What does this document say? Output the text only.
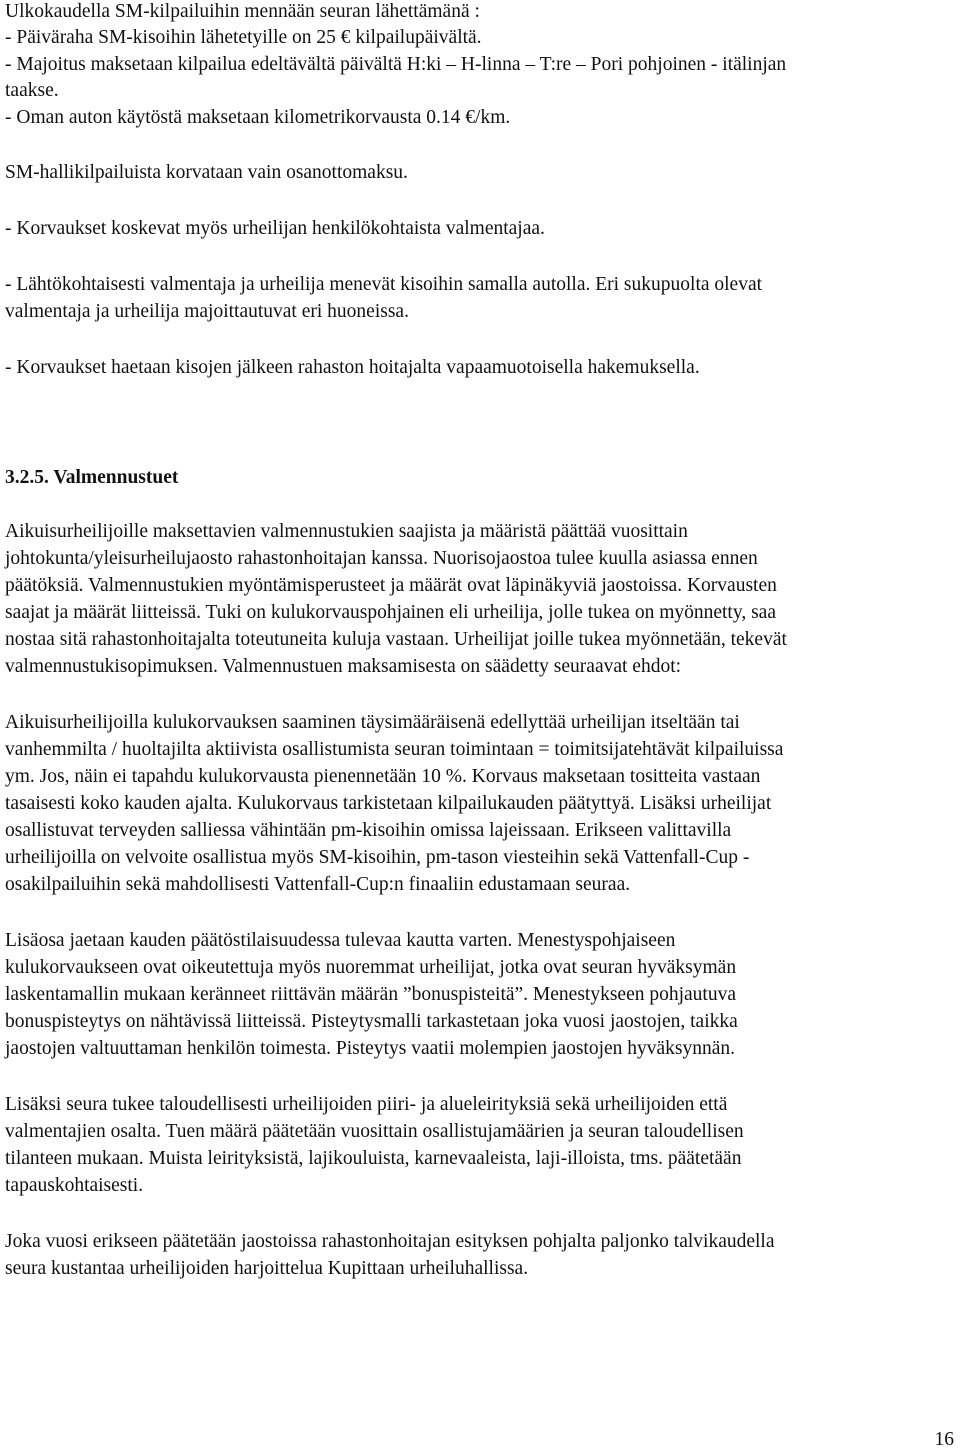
Ulkokaudella SM-kilpailuihin mennään seuran lähettämänä :
- Päiväraha SM-kisoihin lähetetyille on 25 € kilpailupäivältä.
- Majoitus maksetaan kilpailua edeltävältä päivältä H:ki – H-linna – T:re – Pori pohjoinen - itälinjan
taakse.
- Oman auton käytöstä maksetaan kilometrikorvausta 0.14 €/km.
SM-hallikilpailuista korvataan vain osanottomaksu.
- Korvaukset koskevat myös urheilijan henkilökohtaista valmentajaa.
- Lähtökohtaisesti valmentaja ja urheilija menevät kisoihin samalla autolla. Eri sukupuolta olevat
valmentaja ja urheilija majoittautuvat eri huoneissa.
- Korvaukset haetaan kisojen jälkeen rahaston hoitajalta vapaamuotoisella hakemuksella.
3.2.5. Valmennustuet
Aikuisurheilijoille maksettavien valmennustukien saajista ja määristä päättää vuosittain
johtokunta/yleisurheilujaosto rahastonhoitajan kanssa. Nuorisojaostoa tulee kuulla asiassa ennen
päätöksiä. Valmennustukien myöntämisperusteet ja määrät ovat läpinäkyviä jaostoissa. Korvausten
saajat ja määrät liitteissä. Tuki on kulukorvauspohjainen eli urheilija, jolle tukea on myönnetty, saa
nostaa sitä rahastonhoitajalta toteutuneita kuluja vastaan. Urheilijat joille tukea myönnetään, tekevät
valmennustukisopimuksen. Valmennustuen maksamisesta on säädetty seuraavat ehdot:
Aikuisurheilijoilla kulukorvauksen saaminen täysimääräisenä edellyttää urheilijan itseltään tai
vanhemmilta / huoltajilta aktiivista osallistumista seuran toimintaan = toimitsijatehtävät kilpailuissa
ym. Jos, näin ei tapahdu kulukorvausta pienennetään 10 %. Korvaus maksetaan tositteita vastaan
tasaisesti koko kauden ajalta. Kulukorvaus tarkistetaan kilpailukauden päätyttyä. Lisäksi urheilijat
osallistuvat terveyden salliessa vähintään pm-kisoihin omissa lajeissaan. Erikseen valittavilla
urheilijoilla on velvoite osallistua myös SM-kisoihin, pm-tason viesteihin sekä Vattenfall-Cup -
osakilpailuihin sekä mahdollisesti Vattenfall-Cup:n finaaliin edustamaan seuraa.
Lisäosa jaetaan kauden päätöstilaisuudessa tulevaa kautta varten. Menestyspohjaiseen
kulukorvaukseen ovat oikeutettuja myös nuoremmat urheilijat, jotka ovat seuran hyväksymän
laskentamallin mukaan keränneet riittävän määrän ”bonuspisteitä”. Menestykseen pohjautuva
bonuspisteytys on nähtävissä liitteissä. Pisteytysmalli tarkastetaan joka vuosi jaostojen, taikka
jaostojen valtuuttaman henkilön toimesta. Pisteytys vaatii molempien jaostojen hyväksynnän.
Lisäksi seura tukee taloudellisesti urheilijoiden piiri- ja alueleirityksiä sekä urheilijoiden että
valmentajien osalta. Tuen määrä päätetään vuosittain osallistujamäärien ja seuran taloudellisen
tilanteen mukaan. Muista leirityksistä, lajikouluista, karnevaaleista, laji-illoista, tms. päätetään
tapauskohtaisesti.
Joka vuosi erikseen päätetään jaostoissa rahastonhoitajan esityksen pohjalta paljonko talvikaudella
seura kustantaa urheilijoiden harjoittelua Kupittaan urheiluhallissa.
16
